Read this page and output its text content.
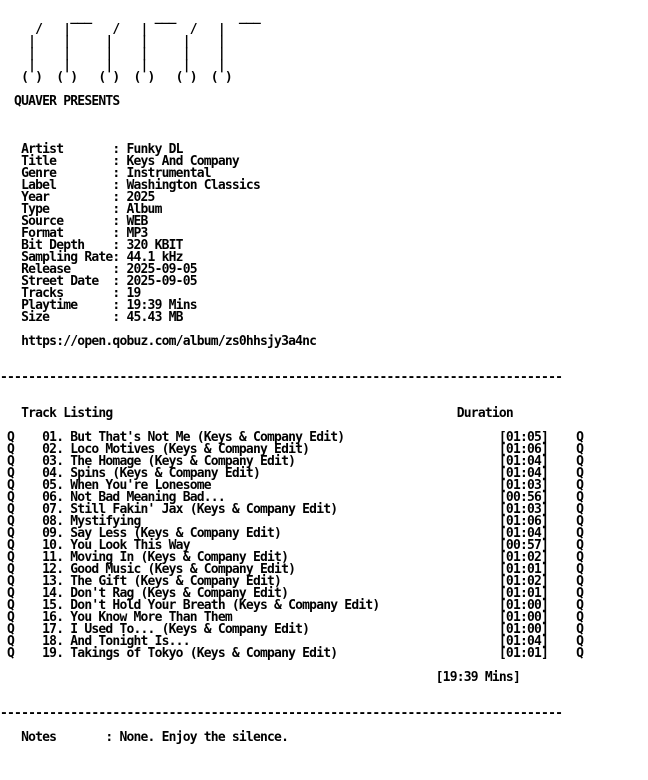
___         ___         ___
/   |      /   |      /   |
|    |     |    |     |    |
|    |     |    |     |    |
|    |     |    |     |    |
( )  ( )   ( )  ( )   ( )  ( )
QUAVER PRESENTS
Artist       : Funky DL
Title        : Keys And Company
Genre        : Instrumental
Label        : Washington Classics
Year         : 2025
Type         : Album
Source       : WEB
Format       : MP3
Bit Depth    : 320 KBIT
Sampling Rate: 44.1 kHz
Release      : 2025-09-05
Street Date  : 2025-09-05
Tracks       : 19
Playtime     : 19:39 Mins
Size         : 45.43 MB
https://open.qobuz.com/album/zs0hhsjy3a4nc
--------------------------------------------------------------------------------
Track Listing                                                 Duration
Q    01. But That's Not Me (Keys & Company Edit)                      [01:05]    Q
Q    02. Loco Motives (Keys & Company Edit)                           [01:06]    Q
Q    03. The Homage (Keys & Company Edit)                             [01:04]    Q
Q    04. Spins (Keys & Company Edit)                                  [01:04]    Q
Q    05. When You're Lonesome                                         [01:03]    Q
Q    06. Not Bad Meaning Bad...                                       [00:56]    Q
Q    07. Still Fakin' Jax (Keys & Company Edit)                       [01:03]    Q
Q    08. Mystifying                                                   [01:06]    Q
Q    09. Say Less (Keys & Company Edit)                               [01:04]    Q
Q    10. You Look This Way                                            [00:57]    Q
Q    11. Moving In (Keys & Company Edit)                              [01:02]    Q
Q    12. Good Music (Keys & Company Edit)                             [01:01]    Q
Q    13. The Gift (Keys & Company Edit)                               [01:02]    Q
Q    14. Don't Rag (Keys & Company Edit)                              [01:01]    Q
Q    15. Don't Hold Your Breath (Keys & Company Edit)                 [01:00]    Q
Q    16. You Know More Than Them                                      [01:00]    Q
Q    17. I Used To... (Keys & Company Edit)                           [01:00]    Q
Q    18. And Tonight Is...                                            [01:04]    Q
Q    19. Takings of Tokyo (Keys & Company Edit)                       [01:01]    Q
[19:39 Mins]
--------------------------------------------------------------------------------
Notes       : None. Enjoy the silence.
